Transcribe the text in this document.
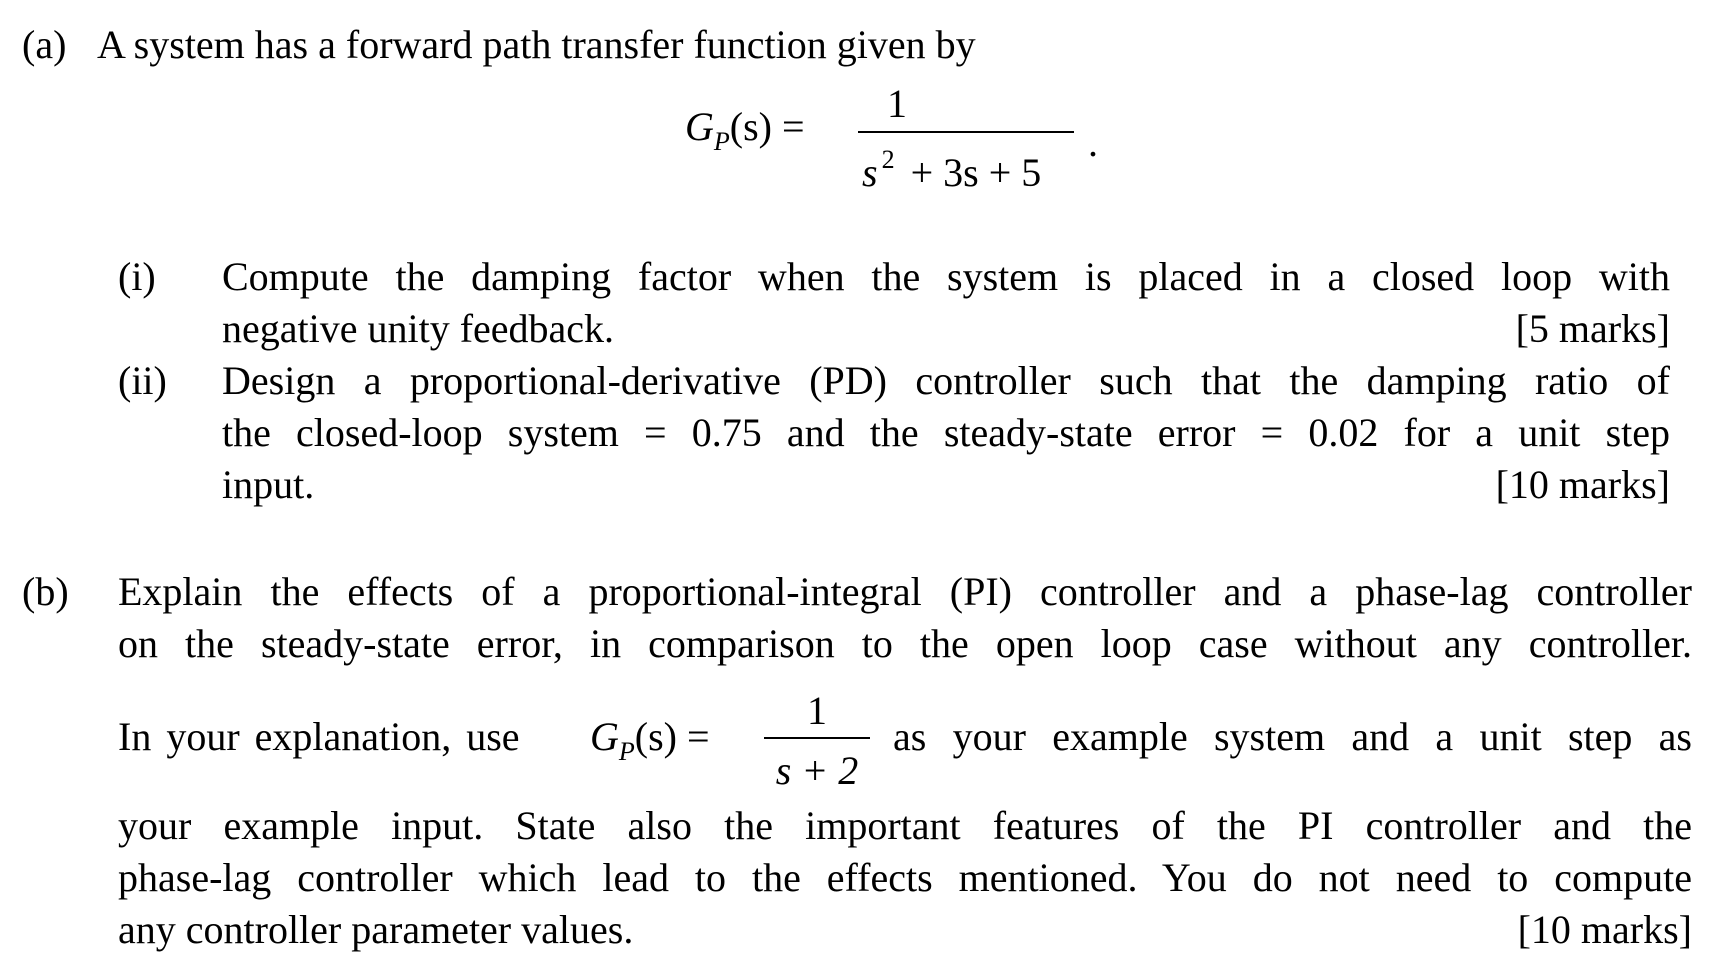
(a) A system has a forward path transfer function given by
$G_P(s)$ =
1
s $^2$ + 3s + 5
.
(i) Compute the damping factor when the system is placed in a closed loop with
negative unity feedback.	[5 marks]
(ii) Design a proportional-derivative (PD) controller such that the damping ratio of
the closed-loop system = 0.75 and the steady-state error = 0.02 for a unit step
input.	[10 marks]
(b) Explain the effects of a proportional-integral (PI) controller and a phase-lag controller
on the steady-state error, in comparison to the open loop case without any controller.
In your explanation, use $G_P(s)$ =
1
s + 2
as your example system and a unit step as
your example input. State also the important features of the PI controller and the
phase-lag controller which lead to the effects mentioned. You do not need to compute
any controller parameter values.	[10 marks]
